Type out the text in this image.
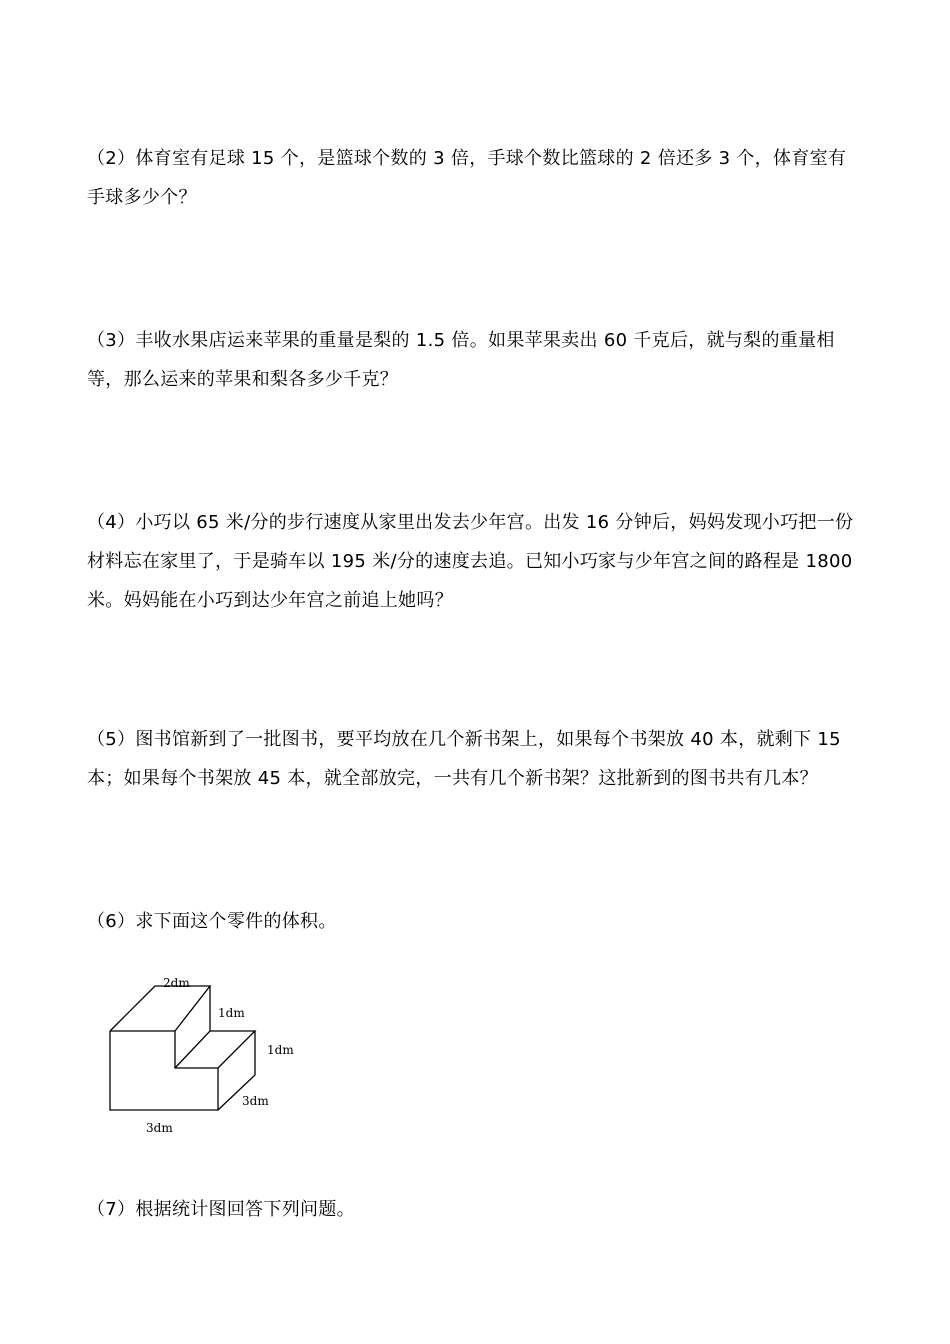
（2）体育室有足球 15 个，是篮球个数的 3 倍，手球个数比篮球的 2 倍还多 3 个，体育室有手球多少个？

（3）丰收水果店运来苹果的重量是梨的 1.5 倍。如果苹果卖出 60 千克后，就与梨的重量相等，那么运来的苹果和梨各多少千克？

（4）小巧以 65 米/分的步行速度从家里出发去少年宫。出发 16 分钟后，妈妈发现小巧把一份材料忘在家里了，于是骑车以 195 米/分的速度去追。已知小巧家与少年宫之间的路程是 1800 米。妈妈能在小巧到达少年宫之前追上她吗？

（5）图书馆新到了一批图书，要平均放在几个新书架上，如果每个书架放 40 本，就剩下 15 本；如果每个书架放 45 本，就全部放完，一共有几个新书架？这批新到的图书共有几本？

（6）求下面这个零件的体积。

2dm
1dm
1dm
3dm
3dm

（7）根据统计图回答下列问题。
